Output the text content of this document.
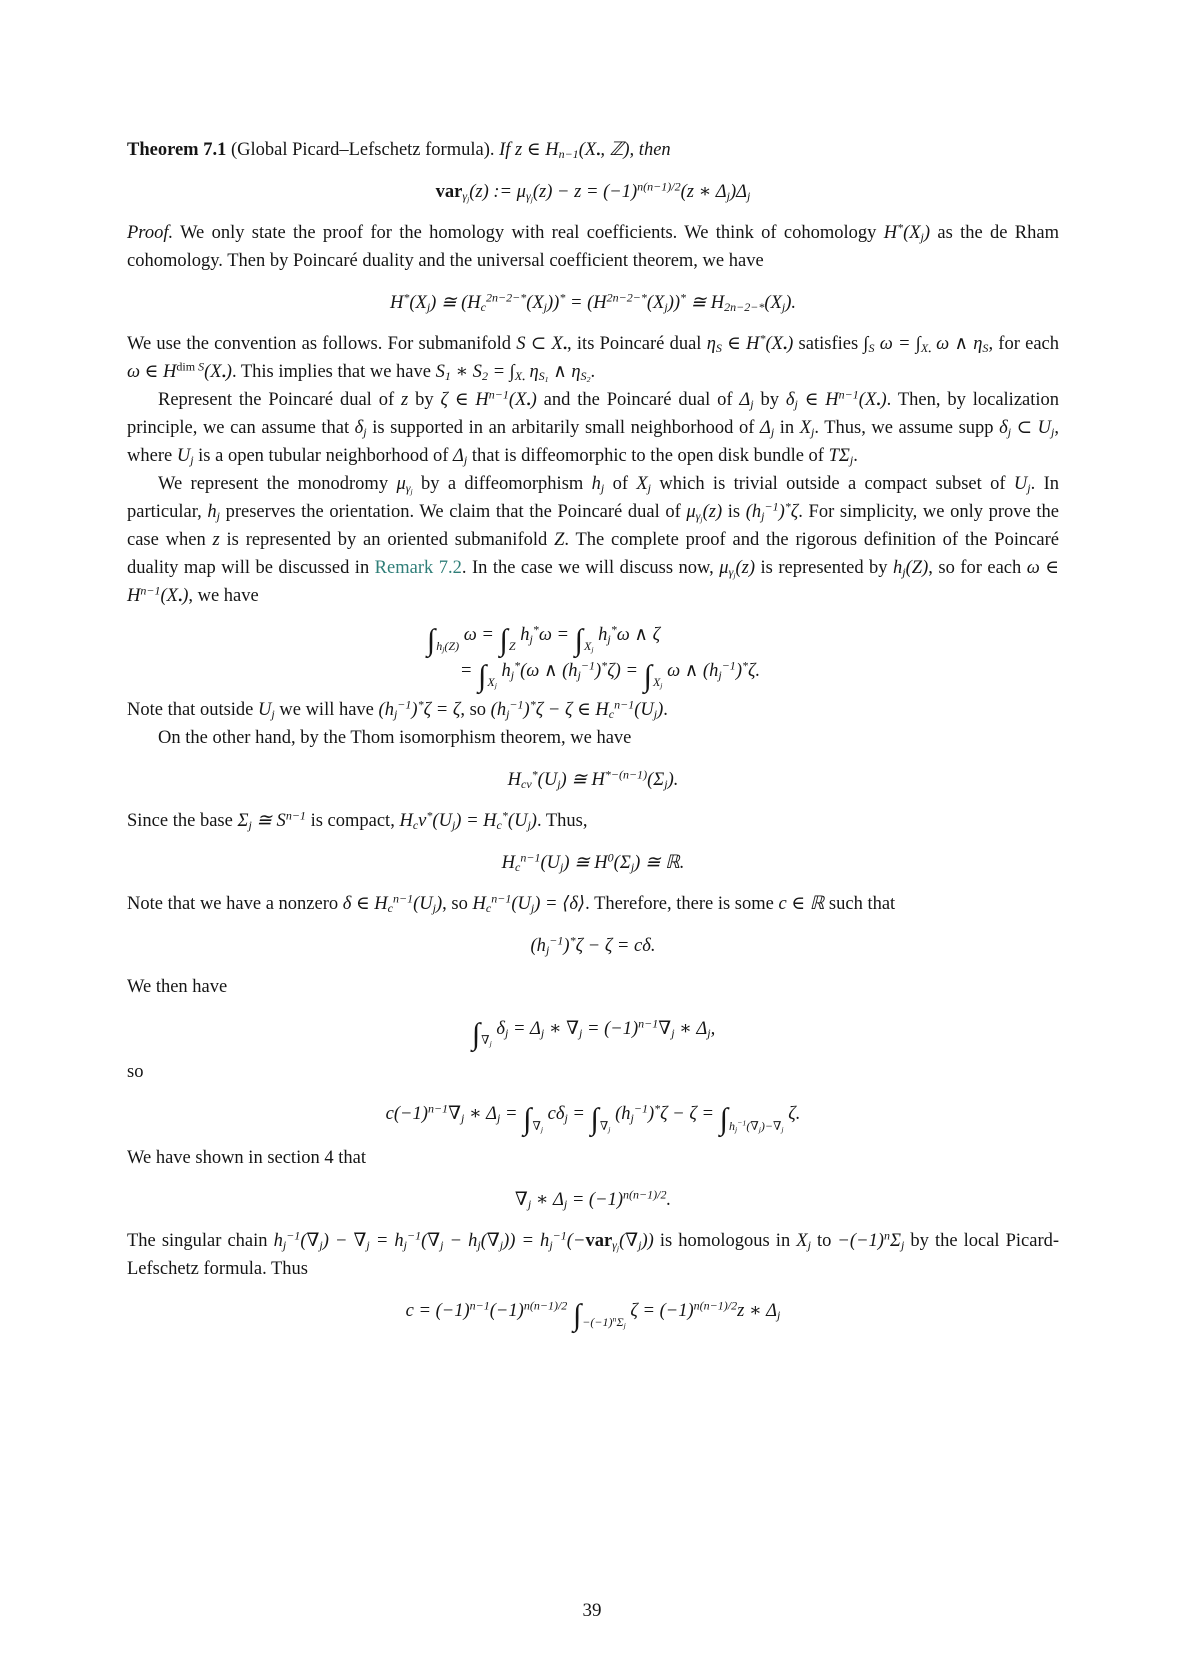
Theorem 7.1 (Global Picard–Lefschetz formula). If z ∈ $H_{n-1}(X_•$, ℤ), then

var$_{\gamma_j}$(z) := $\mu_{\gamma_j}(z) - z = (-1)^{n(n-1)/2}(z$ ∗ $\Delta_j)\Delta_j$

Proof. We only state the proof for the homology with real coefficients. We think of cohomology $H^*(X_j)$ as the de Rham cohomology. Then by Poincaré duality and the universal coefficient theorem, we have

$H^*(X_j)$ ≅ $(H_c^{2n-2-*}(X_j))^* = (H^{2n-2-*}(X_j))^*$ ≅ $H_{2n-2-*}(X_j)$.

We use the convention as follows. For submanifold S ⊂ $X_•$, its Poincaré dual $\eta_S$ ∈ $H^*(X_•)$ satisfies $\int_S$ $\omega = \int_{X_•}$ ω ∧ $\eta_S$, for each ω ∈ $H^{dim S}(X_•)$. This implies that we have $S_1$ ∗ $S_2 = \int_{X_•}$ $\eta_{S_1}$ ∧ $\eta_{S_2}$.

Represent the Poincaré dual of z by ζ ∈ $H^{n-1}(X_•)$ and the Poincaré dual of $\Delta_j$ by $\delta_j$ ∈ $H^{n-1}(X_•)$. Then, by localization principle, we can assume that $\delta_j$ is supported in an arbitarily small neighborhood of $\Delta_j$ in $X_j$. Thus, we assume supp $\delta_j$ ⊂ $U_j$, where $U_j$ is a open tubular neighborhood of $\Delta_j$ that is diffeomorphic to the open disk bundle of $T\Sigma_j$.

We represent the monodromy $\mu_{\gamma_j}$ by a diffeomorphism $h_j$ of $X_j$ which is trivial outside a compact subset of $U_j$. In particular, $h_j$ preserves the orientation. We claim that the Poincaré dual of $\mu_{\gamma_j}(z)$ is $(h_j^{-1})^*\zeta$. For simplicity, we only prove the case when z is represented by an oriented submanifold Z. The complete proof and the rigorous definition of the Poincaré duality map will be discussed in Remark 7.2. In the case we will discuss now, $\mu_{\gamma_j}(z)$ is represented by $h_j(Z)$, so for each ω ∈ $H^{n-1}(X_•)$, we have

$\int_{h_j(Z)}$ $\omega = \int_Z$ $h_j^*\omega = \int_{X_j}$ $h_j^*\omega$ ∧ ζ
= $\int_{X_j}$ $h_j^*(\omega$ ∧ $(h_j^{-1})^*\zeta) = \int_{X_j}$ ω ∧ $(h_j^{-1})^*\zeta$.

Note that outside $U_j$ we will have $(h_j^{-1})^*\zeta = \zeta$, so $(h_j^{-1})^*\zeta - \zeta$ ∈ $H_c^{n-1}(U_j)$.

On the other hand, by the Thom isomorphism theorem, we have

$H_{cv}^*(U_j)$ ≅ $H^{*-(n-1)}(\Sigma_j)$.

Since the base $\Sigma_j$ ≅ $S^{n-1}$ is compact, $H_cv^*(U_j) = H_c^*(U_j)$. Thus,

$H_c^{n-1}(U_j)$ ≅ $H^0(\Sigma_j)$ ≅ ℝ.

Note that we have a nonzero δ ∈ $H_c^{n-1}(U_j)$, so $H_c^{n-1}(U_j)$ = ⟨δ⟩. Therefore, there is some c ∈ ℝ such that

$(h_j^{-1})^*\zeta - \zeta = c\delta$.

We then have

$\int_{\nabla_j}$ $\delta_j = \Delta_j$ ∗ $\nabla_j = (-1)^{n-1}\nabla_j$ ∗ $\Delta_j$,

so

$c(-1)^{n-1}\nabla_j$ ∗ $\Delta_j = \int_{\nabla_j}$ $c\delta_j = \int_{\nabla_j}$ $(h_j^{-1})^*\zeta - \zeta = \int_{h_j^{-1}(\nabla_j)-\nabla_j}$ ζ.

We have shown in section 4 that

$\nabla_j$ ∗ $\Delta_j = (-1)^{n(n-1)/2}$.

The singular chain $h_j^{-1}(\nabla_j) - \nabla_j = h_j^{-1}(\nabla_j - h_j(\nabla_j)) = h_j^{-1}(-var_{\gamma_j}(\nabla_j))$ is homologous in $X_j$ to $-(-1)^n\Sigma_j$ by the local Picard-Lefschetz formula. Thus

$c = (-1)^{n-1}(-1)^{n(n-1)/2}$ $\int_{-(-1)^n\Sigma_j}$ $\zeta = (-1)^{n(n-1)/2}z$ ∗ $\Delta_j$
39
